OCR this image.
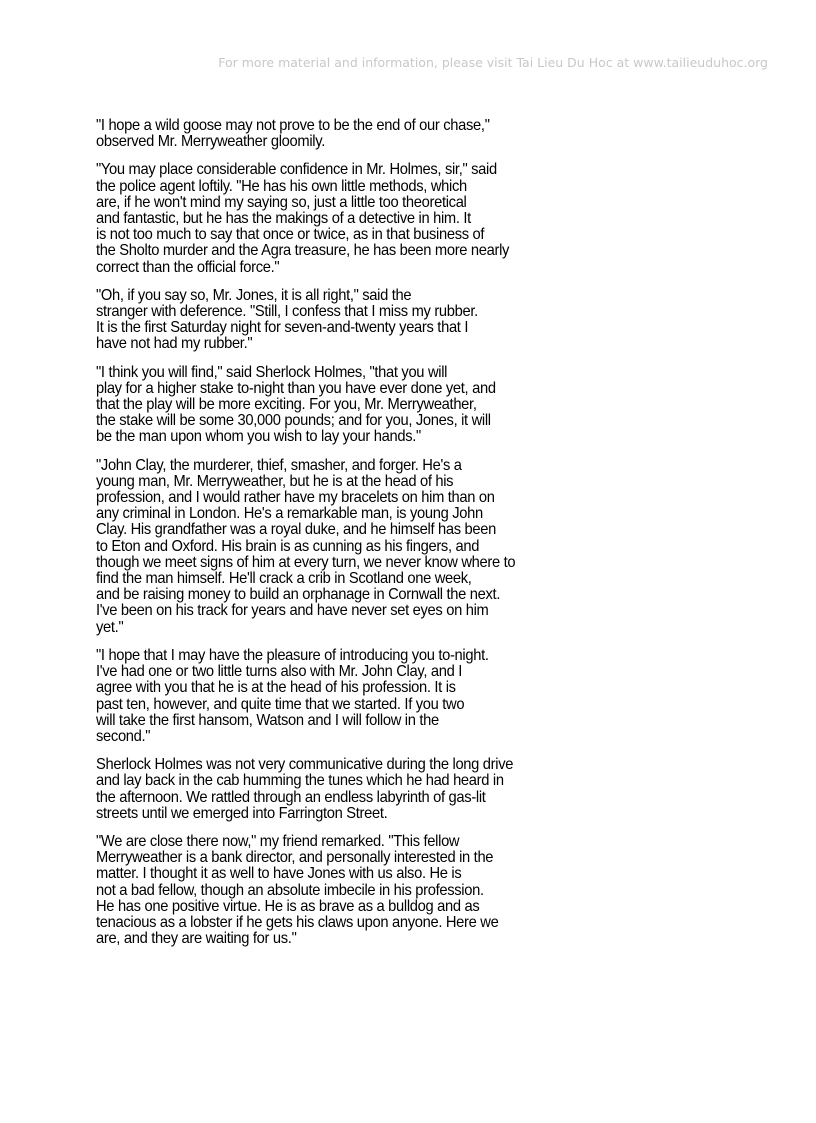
For more material and information, please visit Tai Lieu Du Hoc at www.tailieuduhoc.org

"I hope a wild goose may not prove to be the end of our chase,"
observed Mr. Merryweather gloomily.

"You may place considerable confidence in Mr. Holmes, sir," said
the police agent loftily. "He has his own little methods, which
are, if he won't mind my saying so, just a little too theoretical
and fantastic, but he has the makings of a detective in him. It
is not too much to say that once or twice, as in that business of
the Sholto murder and the Agra treasure, he has been more nearly
correct than the official force."

"Oh, if you say so, Mr. Jones, it is all right," said the
stranger with deference. "Still, I confess that I miss my rubber.
It is the first Saturday night for seven-and-twenty years that I
have not had my rubber."

"I think you will find," said Sherlock Holmes, "that you will
play for a higher stake to-night than you have ever done yet, and
that the play will be more exciting. For you, Mr. Merryweather,
the stake will be some 30,000 pounds; and for you, Jones, it will
be the man upon whom you wish to lay your hands."

"John Clay, the murderer, thief, smasher, and forger. He's a
young man, Mr. Merryweather, but he is at the head of his
profession, and I would rather have my bracelets on him than on
any criminal in London. He's a remarkable man, is young John
Clay. His grandfather was a royal duke, and he himself has been
to Eton and Oxford. His brain is as cunning as his fingers, and
though we meet signs of him at every turn, we never know where to
find the man himself. He'll crack a crib in Scotland one week,
and be raising money to build an orphanage in Cornwall the next.
I've been on his track for years and have never set eyes on him
yet."

"I hope that I may have the pleasure of introducing you to-night.
I've had one or two little turns also with Mr. John Clay, and I
agree with you that he is at the head of his profession. It is
past ten, however, and quite time that we started. If you two
will take the first hansom, Watson and I will follow in the
second."

Sherlock Holmes was not very communicative during the long drive
and lay back in the cab humming the tunes which he had heard in
the afternoon. We rattled through an endless labyrinth of gas-lit
streets until we emerged into Farrington Street.

"We are close there now," my friend remarked. "This fellow
Merryweather is a bank director, and personally interested in the
matter. I thought it as well to have Jones with us also. He is
not a bad fellow, though an absolute imbecile in his profession.
He has one positive virtue. He is as brave as a bulldog and as
tenacious as a lobster if he gets his claws upon anyone. Here we
are, and they are waiting for us."
